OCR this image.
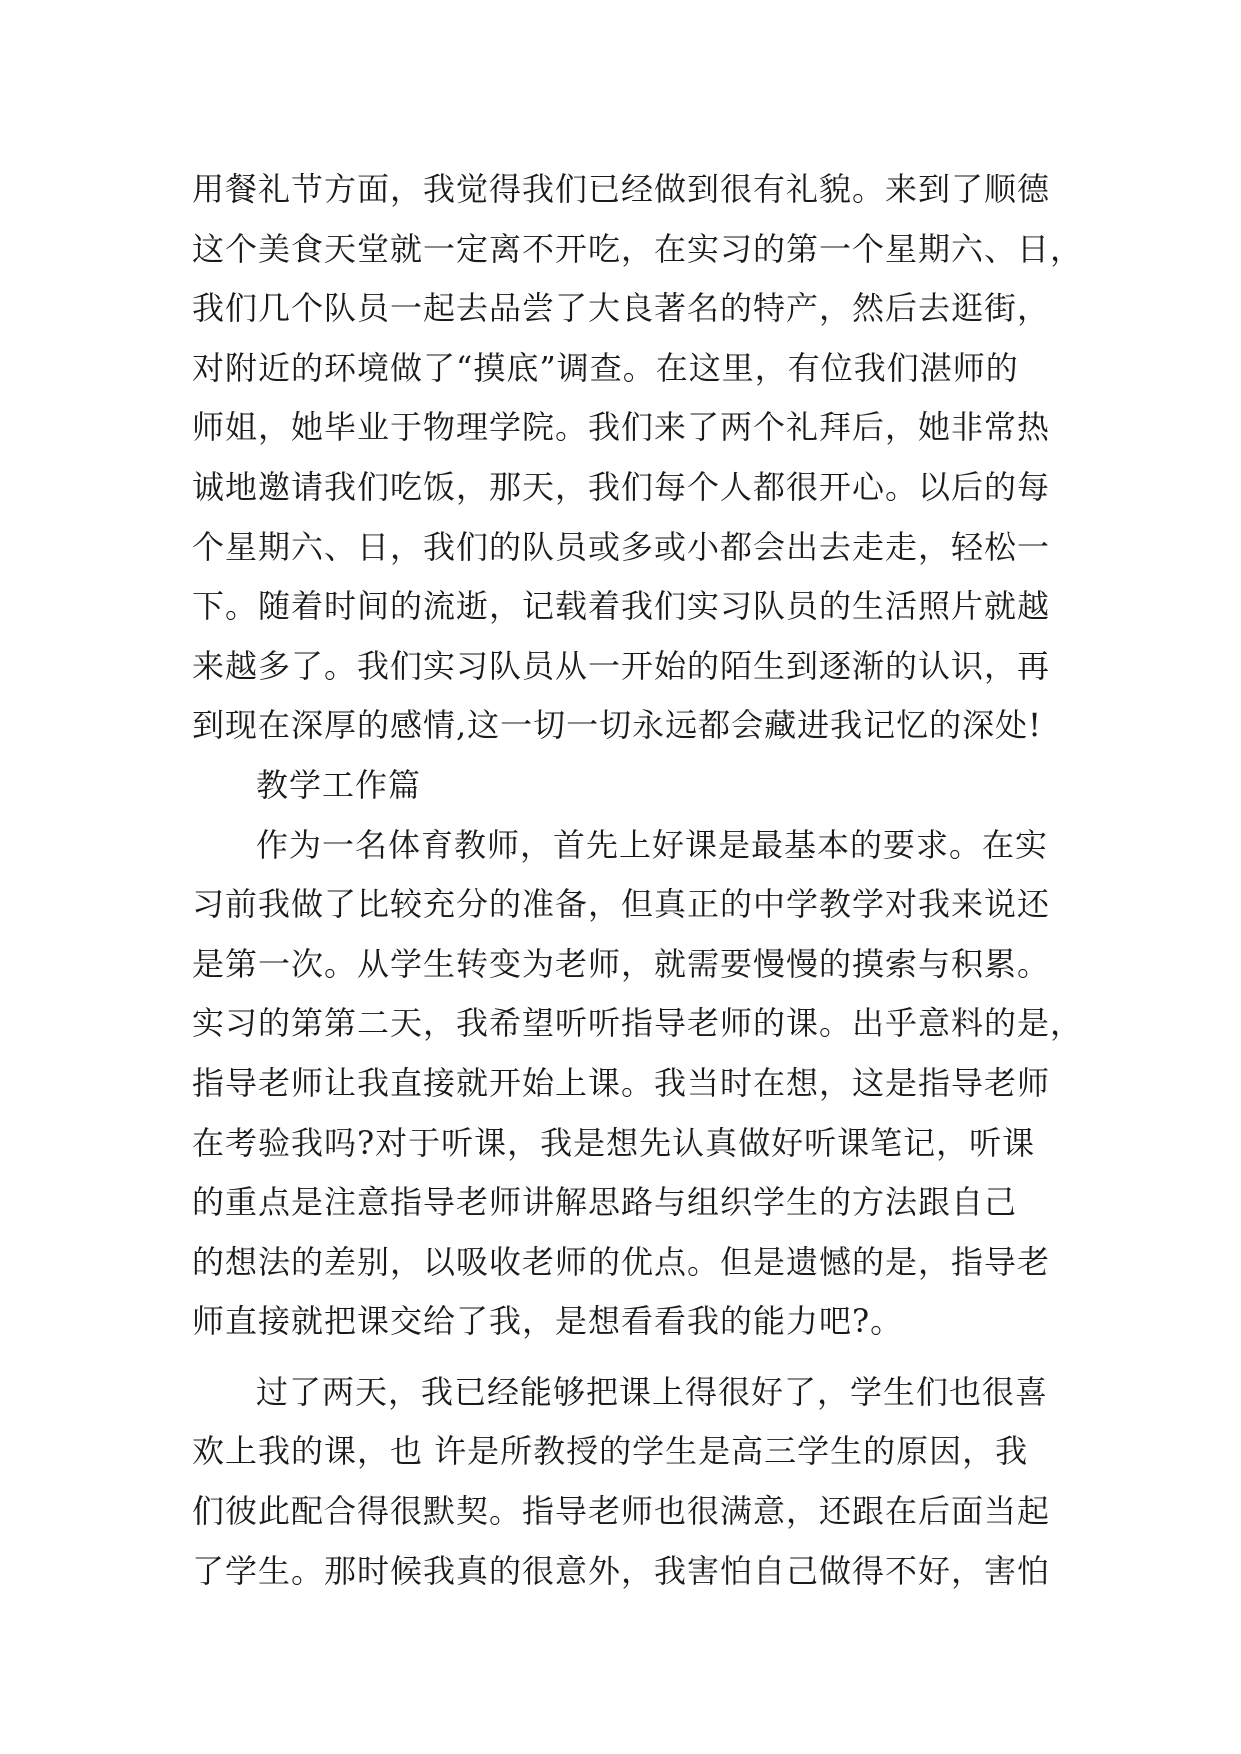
用餐礼节方面，我觉得我们已经做到很有礼貌。来到了顺德
这个美食天堂就一定离不开吃，在实习的第一个星期六、日，
我们几个队员一起去品尝了大良著名的特产，然后去逛街，
对附近的环境做了“摸底”调查。在这里，有位我们湛师的
师姐，她毕业于物理学院。我们来了两个礼拜后，她非常热
诚地邀请我们吃饭，那天，我们每个人都很开心。以后的每
个星期六、日，我们的队员或多或小都会出去走走，轻松一
下。随着时间的流逝，记载着我们实习队员的生活照片就越
来越多了。我们实习队员从一开始的陌生到逐渐的认识，再
到现在深厚的感情,这一切一切永远都会藏进我记忆的深处!
教学工作篇
作为一名体育教师，首先上好课是最基本的要求。在实
习前我做了比较充分的准备，但真正的中学教学对我来说还
是第一次。从学生转变为老师，就需要慢慢的摸索与积累。
实习的第第二天，我希望听听指导老师的课。出乎意料的是，
指导老师让我直接就开始上课。我当时在想，这是指导老师
在考验我吗?对于听课，我是想先认真做好听课笔记，听课
的重点是注意指导老师讲解思路与组织学生的方法跟自己
的想法的差别，以吸收老师的优点。但是遗憾的是，指导老
师直接就把课交给了我，是想看看我的能力吧?。
过了两天，我已经能够把课上得很好了，学生们也很喜
欢上我的课，也 许是所教授的学生是高三学生的原因，我
们彼此配合得很默契。指导老师也很满意，还跟在后面当起
了学生。那时候我真的很意外，我害怕自己做得不好，害怕
